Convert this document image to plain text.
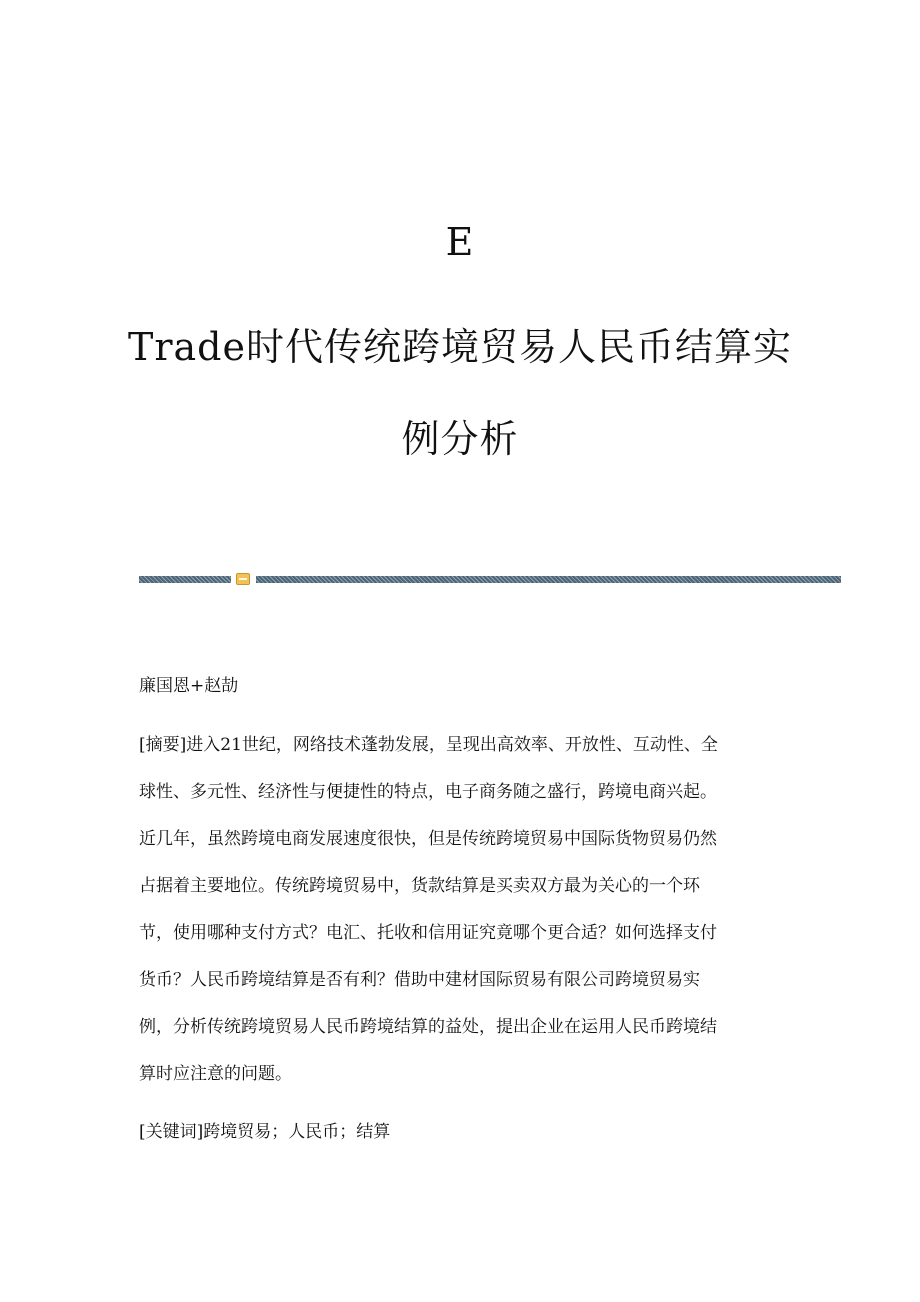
E
Trade时代传统跨境贸易人民币结算实
例分析
廉国恩+赵劼
[摘要]进入21世纪，网络技术蓬勃发展，呈现出高效率、开放性、互动性、全
球性、多元性、经济性与便捷性的特点，电子商务随之盛行，跨境电商兴起。
近几年，虽然跨境电商发展速度很快，但是传统跨境贸易中国际货物贸易仍然
占据着主要地位。传统跨境贸易中，货款结算是买卖双方最为关心的一个环
节，使用哪种支付方式？电汇、托收和信用证究竟哪个更合适？如何选择支付
货币？人民币跨境结算是否有利？借助中建材国际贸易有限公司跨境贸易实
例，分析传统跨境贸易人民币跨境结算的益处，提出企业在运用人民币跨境结
算时应注意的问题。
[关键词]跨境贸易；人民币；结算
